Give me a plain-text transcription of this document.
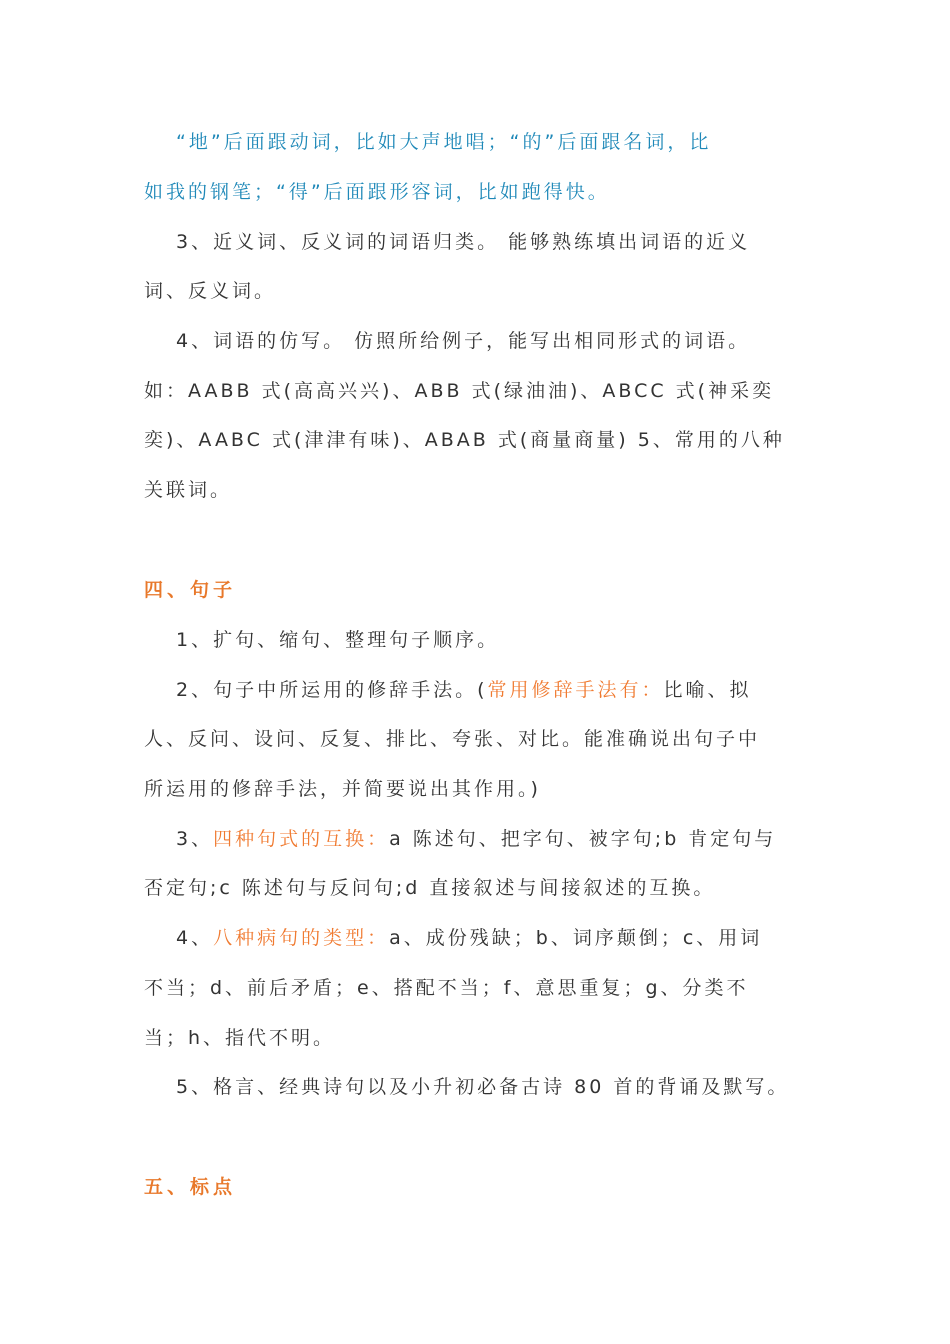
“地”后面跟动词，比如大声地唱；“的”后面跟名词，比

如我的钢笔；“得”后面跟形容词，比如跑得快。

3、近义词、反义词的词语归类。 能够熟练填出词语的近义

词、反义词。

4、词语的仿写。 仿照所给例子，能写出相同形式的词语。

如：AABB 式(高高兴兴)、ABB 式(绿油油)、ABCC 式(神采奕

奕)、AABC 式(津津有味)、ABAB 式(商量商量) 5、常用的八种

关联词。

四、句子

1、扩句、缩句、整理句子顺序。

2、句子中所运用的修辞手法。(常用修辞手法有：比喻、拟

人、反问、设问、反复、排比、夸张、对比。能准确说出句子中

所运用的修辞手法，并简要说出其作用。)

3、四种句式的互换：a 陈述句、把字句、被字句;b 肯定句与

否定句;c 陈述句与反问句;d 直接叙述与间接叙述的互换。

4、八种病句的类型：a、成份残缺；b、词序颠倒；c、用词

不当；d、前后矛盾；e、搭配不当；f、意思重复；g、分类不

当；h、指代不明。

5、格言、经典诗句以及小升初必备古诗 80 首的背诵及默写。

五、标点
